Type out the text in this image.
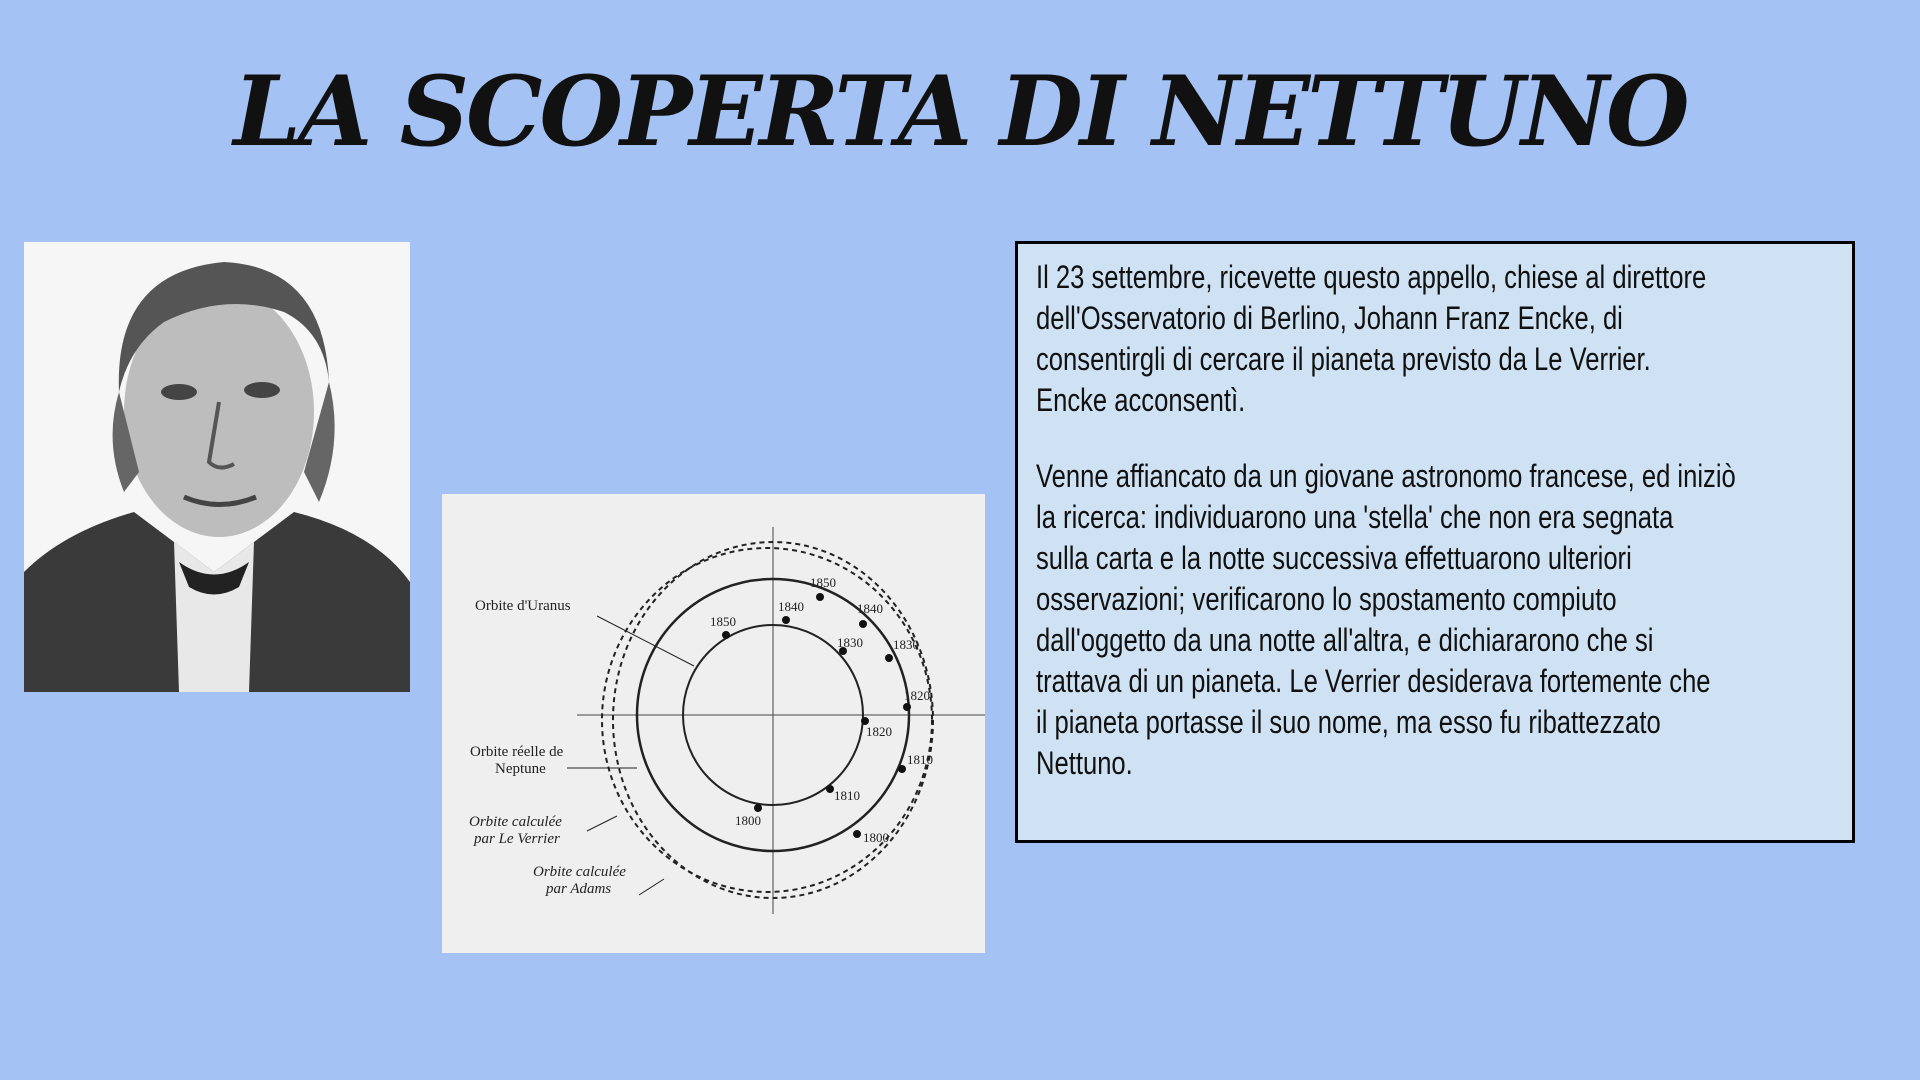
LA SCOPERTA DI NETTUNO
1850
1840
1830
1820
1810
1800
1850
1840
1830
1820
1810
1800
Orbite d'Uranus
Orbite réelle de
Neptune
Orbite calculée
par Le Verrier
Orbite calculée
par Adams
Il 23 settembre, ricevette questo appello, chiese al direttore
dell'Osservatorio di Berlino, Johann Franz Encke, di
consentirgli di cercare il pianeta previsto da Le Verrier.
Encke acconsentì.
Venne affiancato da un giovane astronomo francese, ed iniziò
la ricerca: individuarono una 'stella' che non era segnata
sulla carta e la notte successiva effettuarono ulteriori
osservazioni; verificarono lo spostamento compiuto
dall'oggetto da una notte all'altra, e dichiararono che si
trattava di un pianeta. Le Verrier desiderava fortemente che
il pianeta portasse il suo nome, ma esso fu ribattezzato
Nettuno.
